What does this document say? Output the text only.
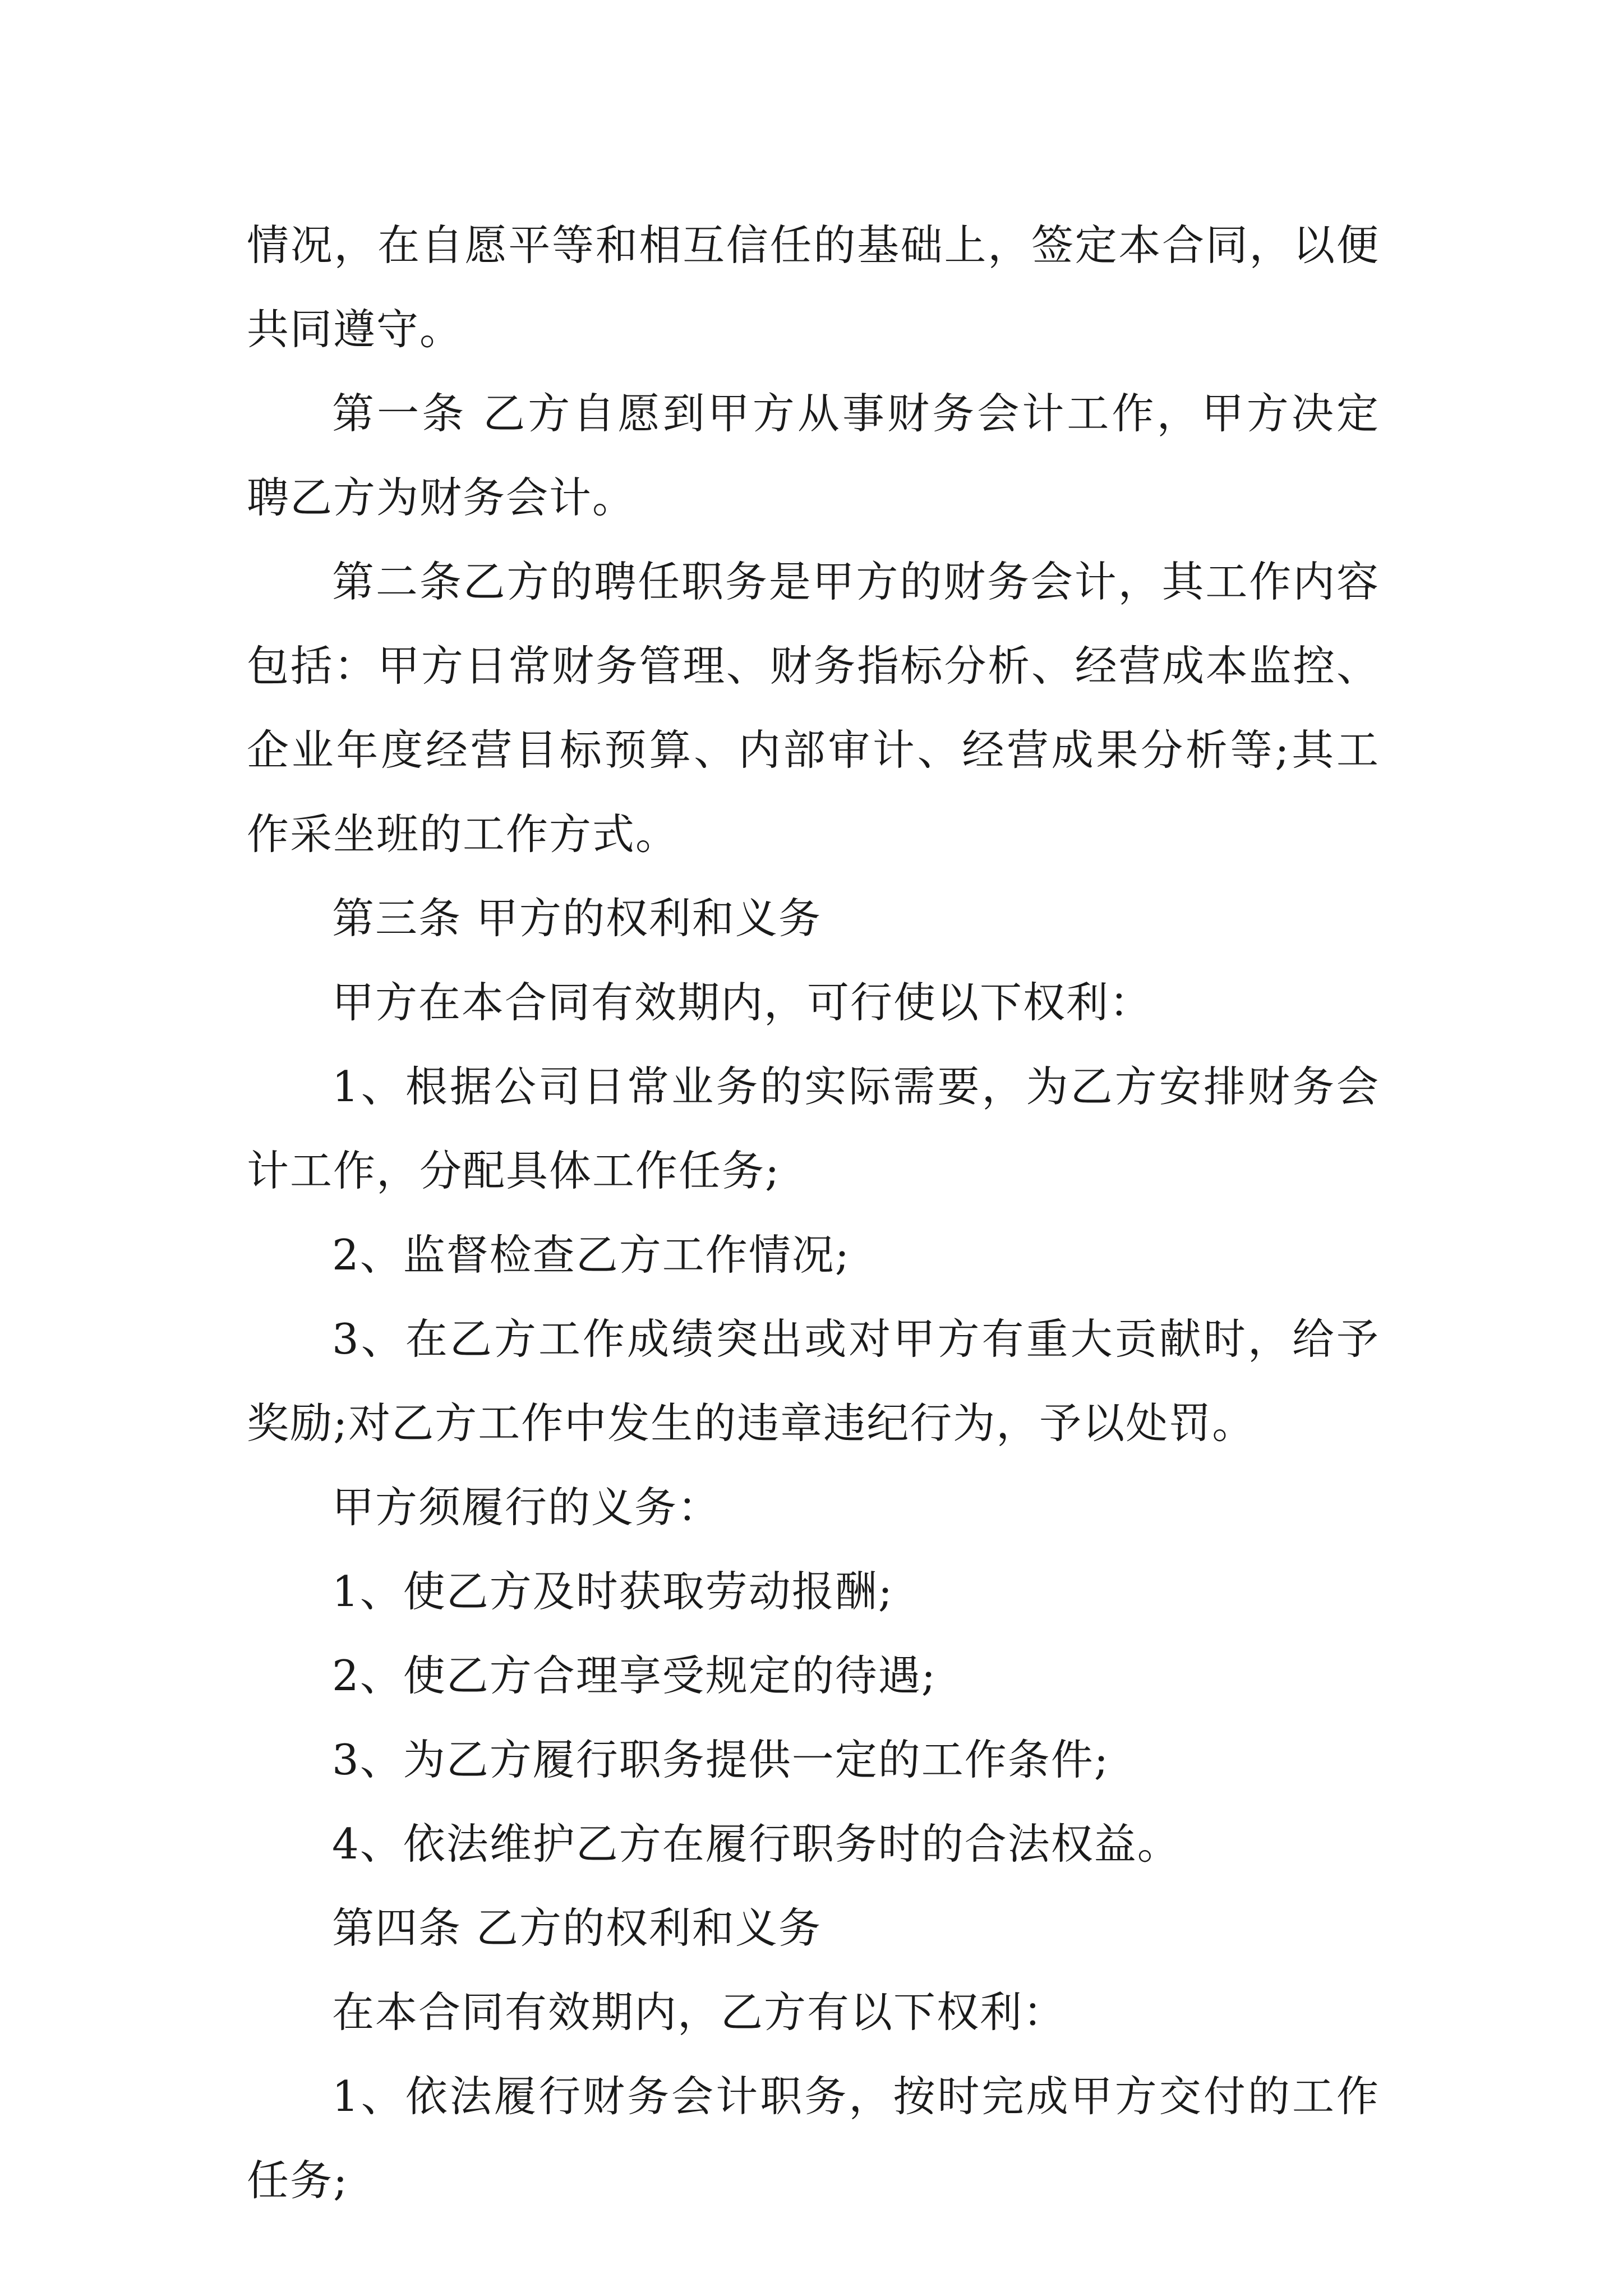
情况，在自愿平等和相互信任的基础上，签定本合同，以便共同遵守。

第一条 乙方自愿到甲方从事财务会计工作，甲方决定聘乙方为财务会计。

第二条乙方的聘任职务是甲方的财务会计，其工作内容包括：甲方日常财务管理、财务指标分析、经营成本监控、企业年度经营目标预算、内部审计、经营成果分析等;其工作采坐班的工作方式。

第三条 甲方的权利和义务

甲方在本合同有效期内，可行使以下权利：

1、根据公司日常业务的实际需要，为乙方安排财务会计工作，分配具体工作任务;

2、监督检查乙方工作情况;

3、在乙方工作成绩突出或对甲方有重大贡献时，给予奖励;对乙方工作中发生的违章违纪行为，予以处罚。

甲方须履行的义务：

1、使乙方及时获取劳动报酬;

2、使乙方合理享受规定的待遇;

3、为乙方履行职务提供一定的工作条件;

4、依法维护乙方在履行职务时的合法权益。

第四条 乙方的权利和义务

在本合同有效期内，乙方有以下权利：

1、依法履行财务会计职务，按时完成甲方交付的工作任务;
